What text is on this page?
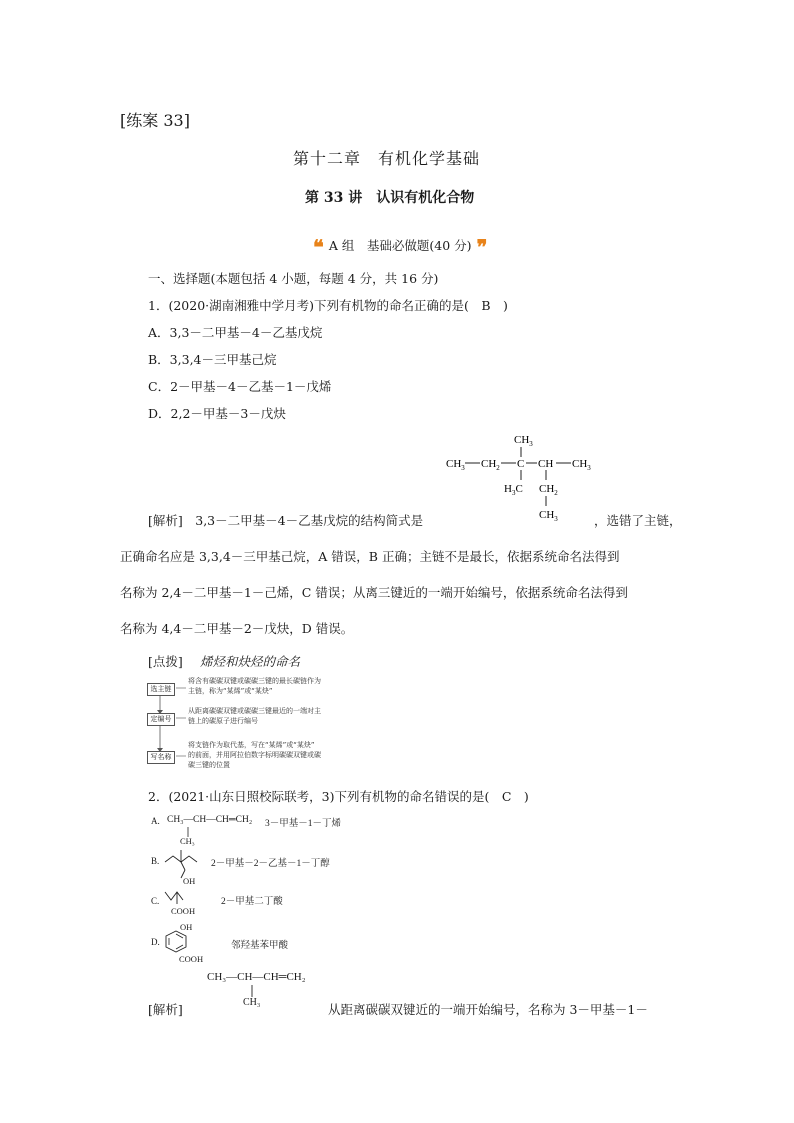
[练案 33]
第十二章　有机化学基础
第 33 讲　认识有机化合物
❝ $^{A 组 基础必做题(40 分)}$ ❞
一、选择题(本题包括 4 小题，每题 4 分，共 16 分)
1．(2020·湖南湘雅中学月考)下列有机物的命名正确的是(　B　)
A．3,3－二甲基－4－乙基戊烷
B．3,3,4－三甲基己烷
C．2－甲基－4－乙基－1－戊烯
D．2,2－甲基－3－戊炔
$CH_3$
$CH_3$ $CH_2$ C CH $CH_3$
$H_3C$ $CH_2$
$CH_3$
[解析]　3,3－二甲基－4－乙基戊烷的结构简式是	，选错了主链，
正确命名应是 3,3,4－三甲基己烷，A 错误，B 正确；主链不是最长，依据系统命名法得到
名称为 2,4－二甲基－1－己烯，C 错误；从离三键近的一端开始编号，依据系统命名法得到
名称为 4,4－二甲基－2－戊炔，D 错误。
[点拨] 烯烃和炔烃的命名
选主链
将含有碳碳双键或碳碳三键的最长碳链作为
主链，称为“某烯”或“某炔”
定编号
从距离碳碳双键或碳碳三键最近的一端对主
链上的碳原子进行编号
写名称
将支链作为取代基，写在“某烯”或“某炔”
的前面，并用阿拉伯数字标明碳碳双键或碳
碳三键的位置
2．(2021·山东日照校际联考，3)下列有机物的命名错误的是(　C　)
A. CH₃—CH—CH═CH₂
CH₃
3－甲基－1－丁烯
B.
OH
2－甲基－2－乙基－1－丁醇
C.
COOH
2－甲基二丁酸
D.
OH
COOH
邻羟基苯甲酸
CH₃—CH—CH═CH₂
CH₃
[解析]	从距离碳碳双键近的一端开始编号，名称为 3－甲基－1－
